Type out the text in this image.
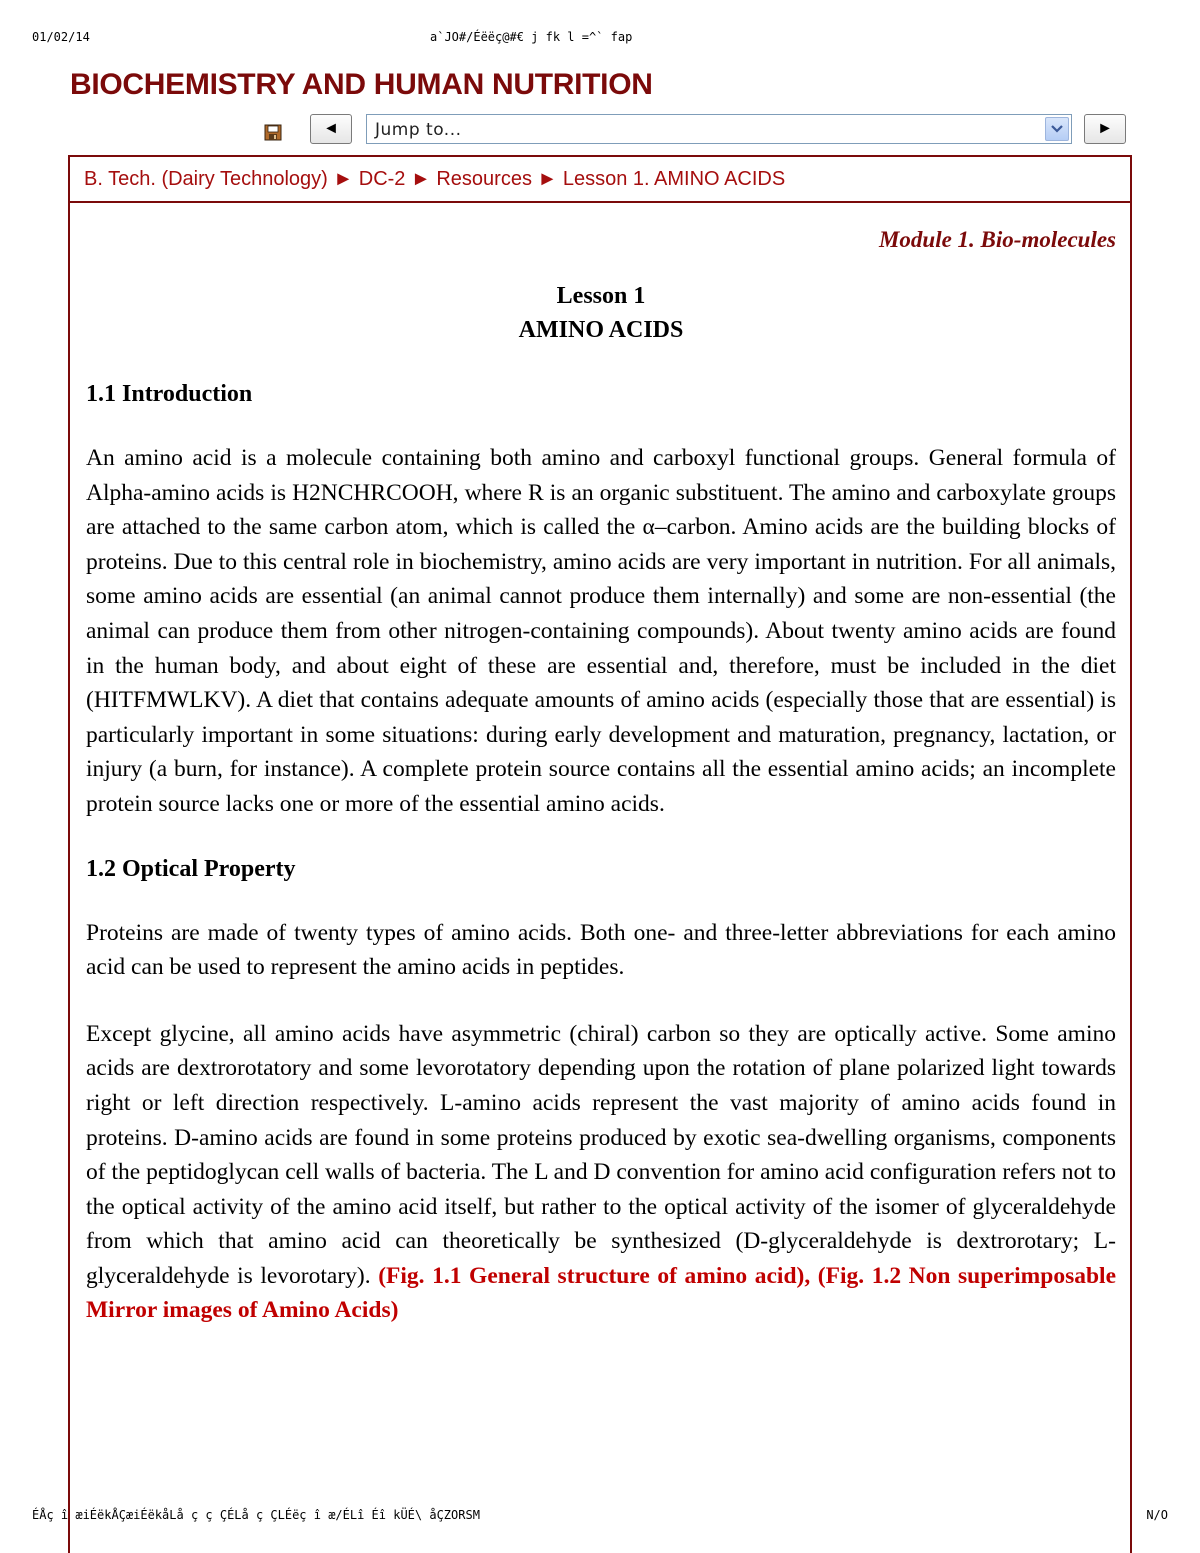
01/02/14	a`JO#/Éëëç@#€ j fk l =^` fap
BIOCHEMISTRY AND HUMAN NUTRITION
◄	Jump to...	►
B. Tech. (Dairy Technology) ► DC-2 ► Resources ► Lesson 1. AMINO ACIDS
Module 1. Bio-molecules
Lesson 1
AMINO ACIDS
1.1 Introduction

An amino acid is a molecule containing both amino and carboxyl functional groups. General formula of Alpha-amino acids is H2NCHRCOOH, where R is an organic substituent. The amino and carboxylate groups are attached to the same carbon atom, which is called the α–carbon. Amino acids are the building blocks of proteins. Due to this central role in biochemistry, amino acids are very important in nutrition. For all animals, some amino acids are essential (an animal cannot produce them internally) and some are non-essential (the animal can produce them from other nitrogen-containing compounds). About twenty amino acids are found in the human body, and about eight of these are essential and, therefore, must be included in the diet (HITFMWLKV). A diet that contains adequate amounts of amino acids (especially those that are essential) is particularly important in some situations: during early development and maturation, pregnancy, lactation, or injury (a burn, for instance). A complete protein source contains all the essential amino acids; an incomplete protein source lacks one or more of the essential amino acids.

1.2 Optical Property

Proteins are made of twenty types of amino acids. Both one- and three-letter abbreviations for each amino acid can be used to represent the amino acids in peptides.

Except glycine, all amino acids have asymmetric (chiral) carbon so they are optically active. Some amino acids are dextrorotatory and some levorotatory depending upon the rotation of plane polarized light towards right or left direction respectively. L-amino acids represent the vast majority of amino acids found in proteins. D-amino acids are found in some proteins produced by exotic sea-dwelling organisms, components of the peptidoglycan cell walls of bacteria. The L and D convention for amino acid configuration refers not to the optical activity of the amino acid itself, but rather to the optical activity of the isomer of glyceraldehyde from which that amino acid can theoretically be synthesized (D-glyceraldehyde is dextrorotary; L-glyceraldehyde is levorotary). (Fig. 1.1 General structure of amino acid), (Fig. 1.2 Non superimposable Mirror images of Amino Acids)

ÉÅç î æiÉëkÅÇæiÉëkåLå ç ç ÇÉLå ç ÇLÉëç î æ/ÉLî Éî kÜÉ\ åÇZORSM	N/O
